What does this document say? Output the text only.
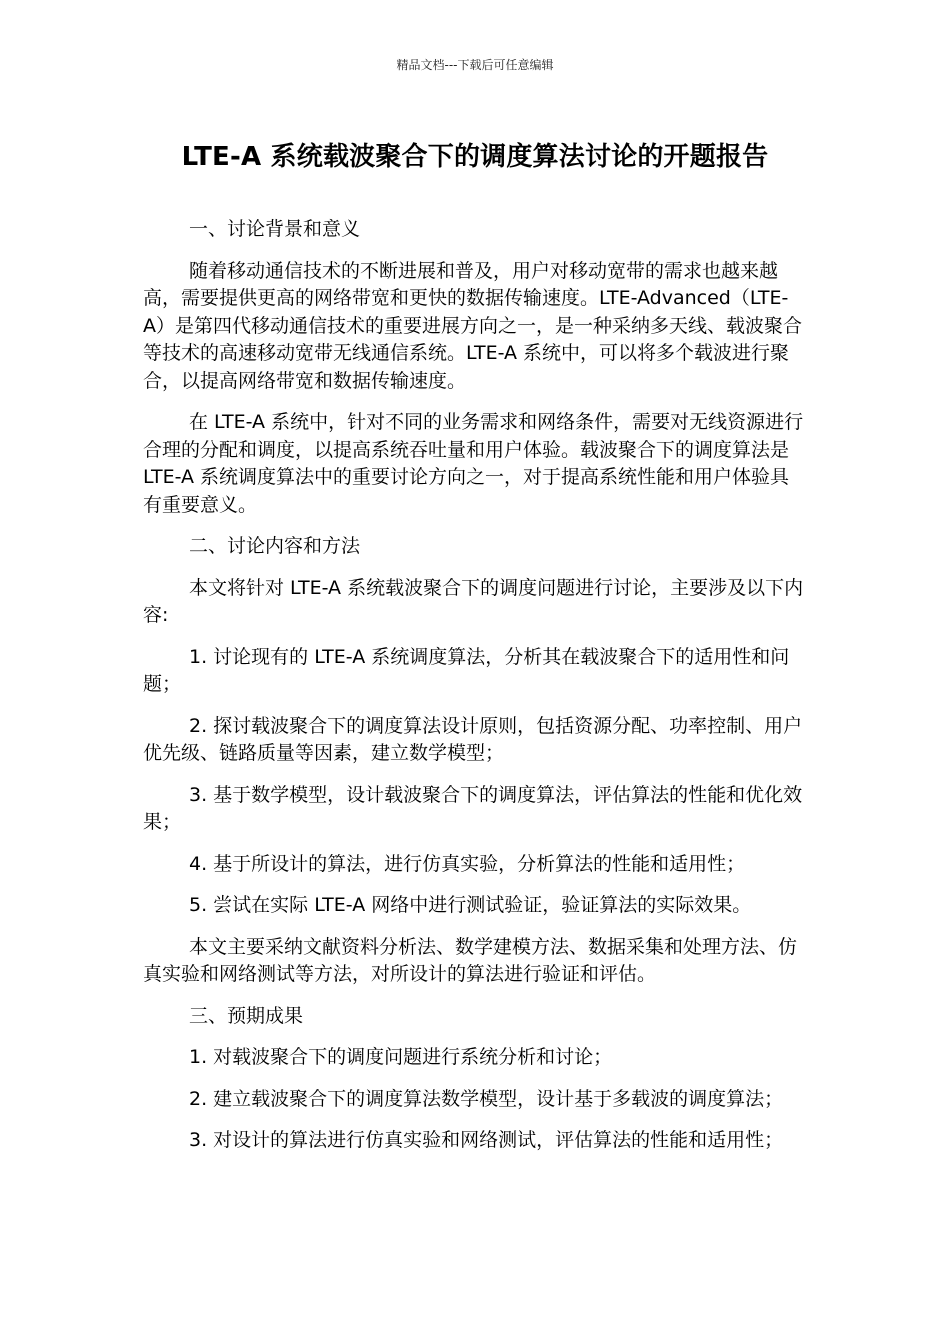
精品文档---下载后可任意编辑
LTE-A 系统载波聚合下的调度算法讨论的开题报告

一、讨论背景和意义

随着移动通信技术的不断进展和普及，用户对移动宽带的需求也越来越高，需要提供更高的网络带宽和更快的数据传输速度。LTE-Advanced（LTE-A）是第四代移动通信技术的重要进展方向之一，是一种采纳多天线、载波聚合等技术的高速移动宽带无线通信系统。LTE-A 系统中，可以将多个载波进行聚合，以提高网络带宽和数据传输速度。

在 LTE-A 系统中，针对不同的业务需求和网络条件，需要对无线资源进行合理的分配和调度，以提高系统吞吐量和用户体验。载波聚合下的调度算法是 LTE-A 系统调度算法中的重要讨论方向之一，对于提高系统性能和用户体验具有重要意义。

二、讨论内容和方法

本文将针对 LTE-A 系统载波聚合下的调度问题进行讨论，主要涉及以下内容:

1. 讨论现有的 LTE-A 系统调度算法，分析其在载波聚合下的适用性和问题；

2. 探讨载波聚合下的调度算法设计原则，包括资源分配、功率控制、用户优先级、链路质量等因素，建立数学模型；

3. 基于数学模型，设计载波聚合下的调度算法，评估算法的性能和优化效果；

4. 基于所设计的算法，进行仿真实验，分析算法的性能和适用性；

5. 尝试在实际 LTE-A 网络中进行测试验证，验证算法的实际效果。

本文主要采纳文献资料分析法、数学建模方法、数据采集和处理方法、仿真实验和网络测试等方法，对所设计的算法进行验证和评估。

三、预期成果

1. 对载波聚合下的调度问题进行系统分析和讨论；

2. 建立载波聚合下的调度算法数学模型，设计基于多载波的调度算法；

3. 对设计的算法进行仿真实验和网络测试，评估算法的性能和适用性；
